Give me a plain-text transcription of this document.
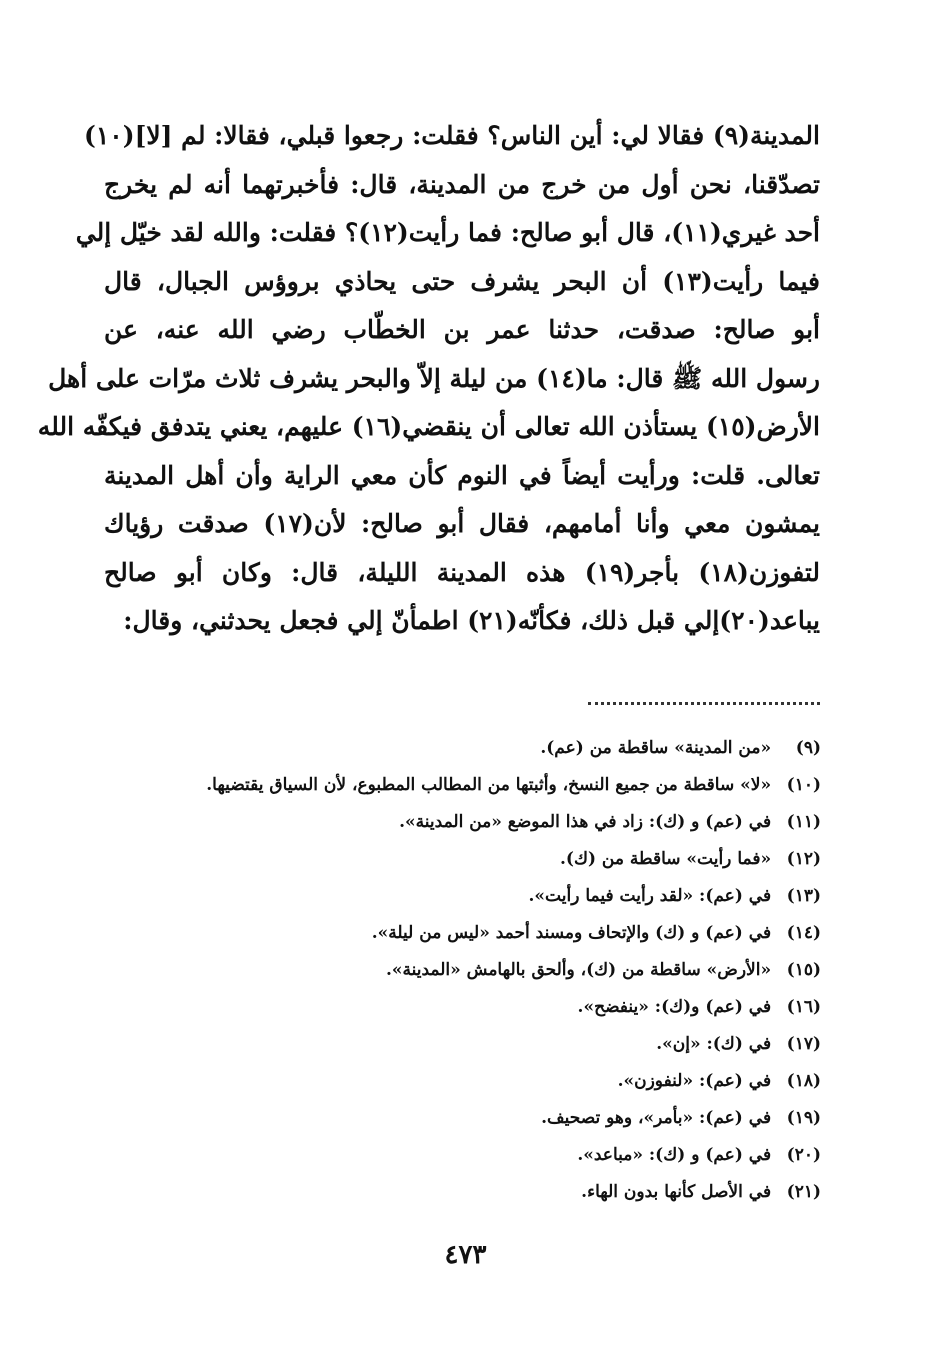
المدينة(٩) فقالا لي: أين الناس؟ فقلت: رجعوا قبلي، فقالا: لم [لا](١٠)
تصدّقنا، نحن أول من خرج من المدينة، قال: فأخبرتهما أنه لم يخرج
أحد غيري(١١)، قال أبو صالح: فما رأيت(١٢)؟ فقلت: والله لقد خيّل إلي
فيما رأيت(١٣) أن البحر يشرف حتى يحاذي بروؤس الجبال، قال
أبو صالح: صدقت، حدثنا عمر بن الخطّاب رضي الله عنه، عن
رسول الله ﷺ قال: ما(١٤) من ليلة إلاّ والبحر يشرف ثلاث مرّات على أهل
الأرض(١٥) يستأذن الله تعالى أن ينقضي(١٦) عليهم، يعني يتدفق فيكفّه الله
تعالى. قلت: ورأيت أيضاً في النوم كأن معي الراية وأن أهل المدينة
يمشون معي وأنا أمامهم، فقال أبو صالح: لأن(١٧) صدقت رؤياك
لتفوزن(١٨) بأجر(١٩) هذه المدينة الليلة، قال: وكان أبو صالح
يباعد(٢٠)إلي قبل ذلك، فكأنّه(٢١) اطمأنّ إلي فجعل يحدثني، وقال:
(٩) «من المدينة» ساقطة من (عم).
(١٠) «لا» ساقطة من جميع النسخ، وأثبتها من المطالب المطبوع، لأن السياق يقتضيها.
(١١) في (عم) و (ك): زاد في هذا الموضع «من المدينة».
(١٢) «فما رأيت» ساقطة من (ك).
(١٣) في (عم): «لقد رأيت فيما رأيت».
(١٤) في (عم) و (ك) والإتحاف ومسند أحمد «ليس من ليلة».
(١٥) «الأرض» ساقطة من (ك)، وألحق بالهامش «المدينة».
(١٦) في (عم) و(ك): «ينفضح».
(١٧) في (ك): «إن».
(١٨) في (عم): «لنفوزن».
(١٩) في (عم): «بأمر»، وهو تصحيف.
(٢٠) في (عم) و (ك): «مباعد».
(٢١) في الأصل كأنها بدون الهاء.
٤٧٣
